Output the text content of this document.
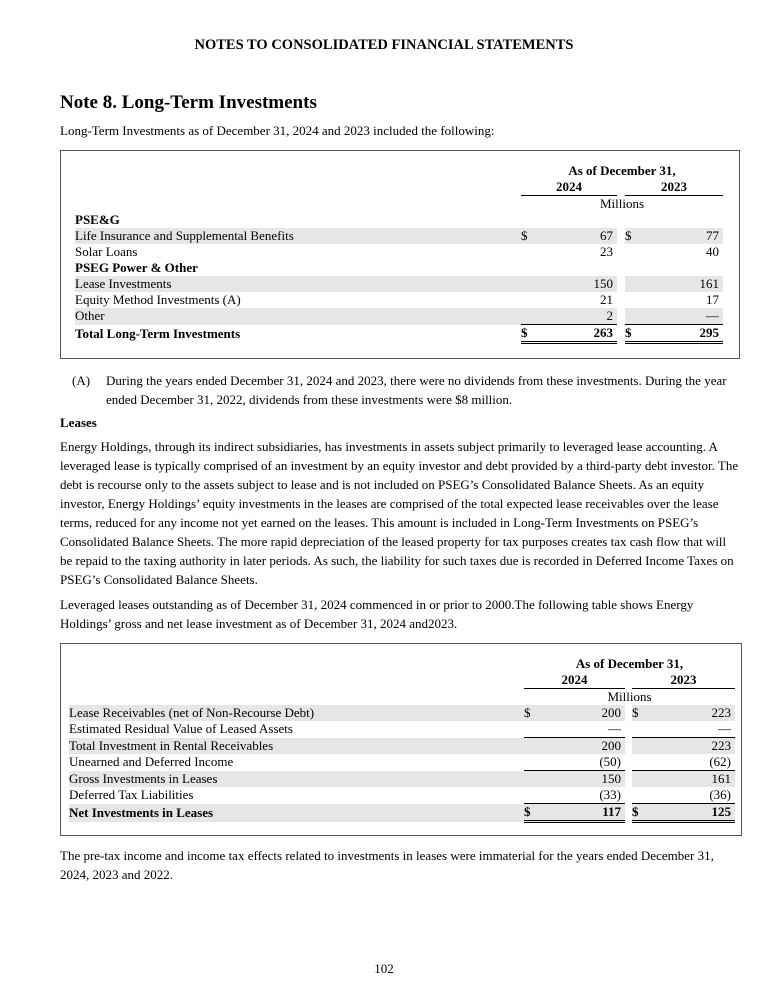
NOTES TO CONSOLIDATED FINANCIAL STATEMENTS
Note 8. Long-Term Investments
Long-Term Investments as of December 31, 2024 and 2023 included the following:
	As of December 31,				
	2024			2023	
	Millions				
PSE&G					
Life Insurance and Supplemental Benefits	$	67		$	77
Solar Loans		23			40
PSEG Power & Other					
Lease Investments		150			161
Equity Method Investments (A)		21			17
Other		2			—
Total Long-Term Investments	$	263		$	295
(A) During the years ended December 31, 2024 and 2023, there were no dividends from these investments. During the year ended December 31, 2022, dividends from these investments were $8 million.
Leases
Energy Holdings, through its indirect subsidiaries, has investments in assets subject primarily to leveraged lease accounting. A leveraged lease is typically comprised of an investment by an equity investor and debt provided by a third-party debt investor. The debt is recourse only to the assets subject to lease and is not included on PSEG’s Consolidated Balance Sheets. As an equity investor, Energy Holdings’ equity investments in the leases are comprised of the total expected lease receivables over the lease terms, reduced for any income not yet earned on the leases. This amount is included in Long-Term Investments on PSEG’s Consolidated Balance Sheets. The more rapid depreciation of the leased property for tax purposes creates tax cash flow that will be repaid to the taxing authority in later periods. As such, the liability for such taxes due is recorded in Deferred Income Taxes on PSEG’s Consolidated Balance Sheets.
Leveraged leases outstanding as of December 31, 2024 commenced in or prior to 2000.The following table shows Energy Holdings’ gross and net lease investment as of December 31, 2024 and2023.
	As of December 31,				
	2024			2023	
	Millions				
Lease Receivables (net of Non-Recourse Debt)	$	200		$	223
Estimated Residual Value of Leased Assets		—			—
Total Investment in Rental Receivables		200			223
Unearned and Deferred Income		(50)			(62)
Gross Investments in Leases		150			161
Deferred Tax Liabilities		(33)			(36)
Net Investments in Leases	$	117		$	125
The pre-tax income and income tax effects related to investments in leases were immaterial for the years ended December 31, 2024, 2023 and 2022.
102
